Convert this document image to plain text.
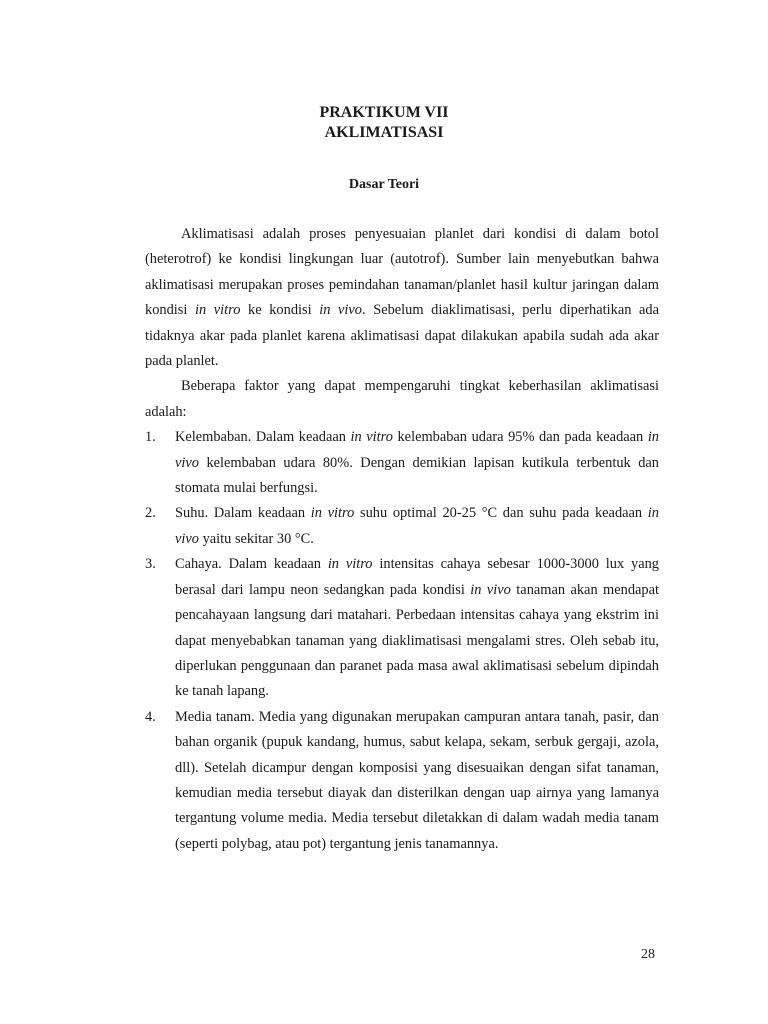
PRAKTIKUM VII
AKLIMATISASI
Dasar Teori

Aklimatisasi adalah proses penyesuaian planlet dari kondisi di dalam botol (heterotrof) ke kondisi lingkungan luar (autotrof). Sumber lain menyebutkan bahwa aklimatisasi merupakan proses pemindahan tanaman/planlet hasil kultur jaringan dalam kondisi in vitro ke kondisi in vivo. Sebelum diaklimatisasi, perlu diperhatikan ada tidaknya akar pada planlet karena aklimatisasi dapat dilakukan apabila sudah ada akar pada planlet.

Beberapa faktor yang dapat mempengaruhi tingkat keberhasilan aklimatisasi adalah:

1. Kelembaban. Dalam keadaan in vitro kelembaban udara 95% dan pada keadaan in vivo kelembaban udara 80%. Dengan demikian lapisan kutikula terbentuk dan stomata mulai berfungsi.
2. Suhu. Dalam keadaan in vitro suhu optimal 20-25 °C dan suhu pada keadaan in vivo yaitu sekitar 30 °C.
3. Cahaya. Dalam keadaan in vitro intensitas cahaya sebesar 1000-3000 lux yang berasal dari lampu neon sedangkan pada kondisi in vivo tanaman akan mendapat pencahayaan langsung dari matahari. Perbedaan intensitas cahaya yang ekstrim ini dapat menyebabkan tanaman yang diaklimatisasi mengalami stres. Oleh sebab itu, diperlukan penggunaan dan paranet pada masa awal aklimatisasi sebelum dipindah ke tanah lapang.
4. Media tanam. Media yang digunakan merupakan campuran antara tanah, pasir, dan bahan organik (pupuk kandang, humus, sabut kelapa, sekam, serbuk gergaji, azola, dll). Setelah dicampur dengan komposisi yang disesuaikan dengan sifat tanaman, kemudian media tersebut diayak dan disterilkan dengan uap airnya yang lamanya tergantung volume media. Media tersebut diletakkan di dalam wadah media tanam (seperti polybag, atau pot) tergantung jenis tanamannya.
28
